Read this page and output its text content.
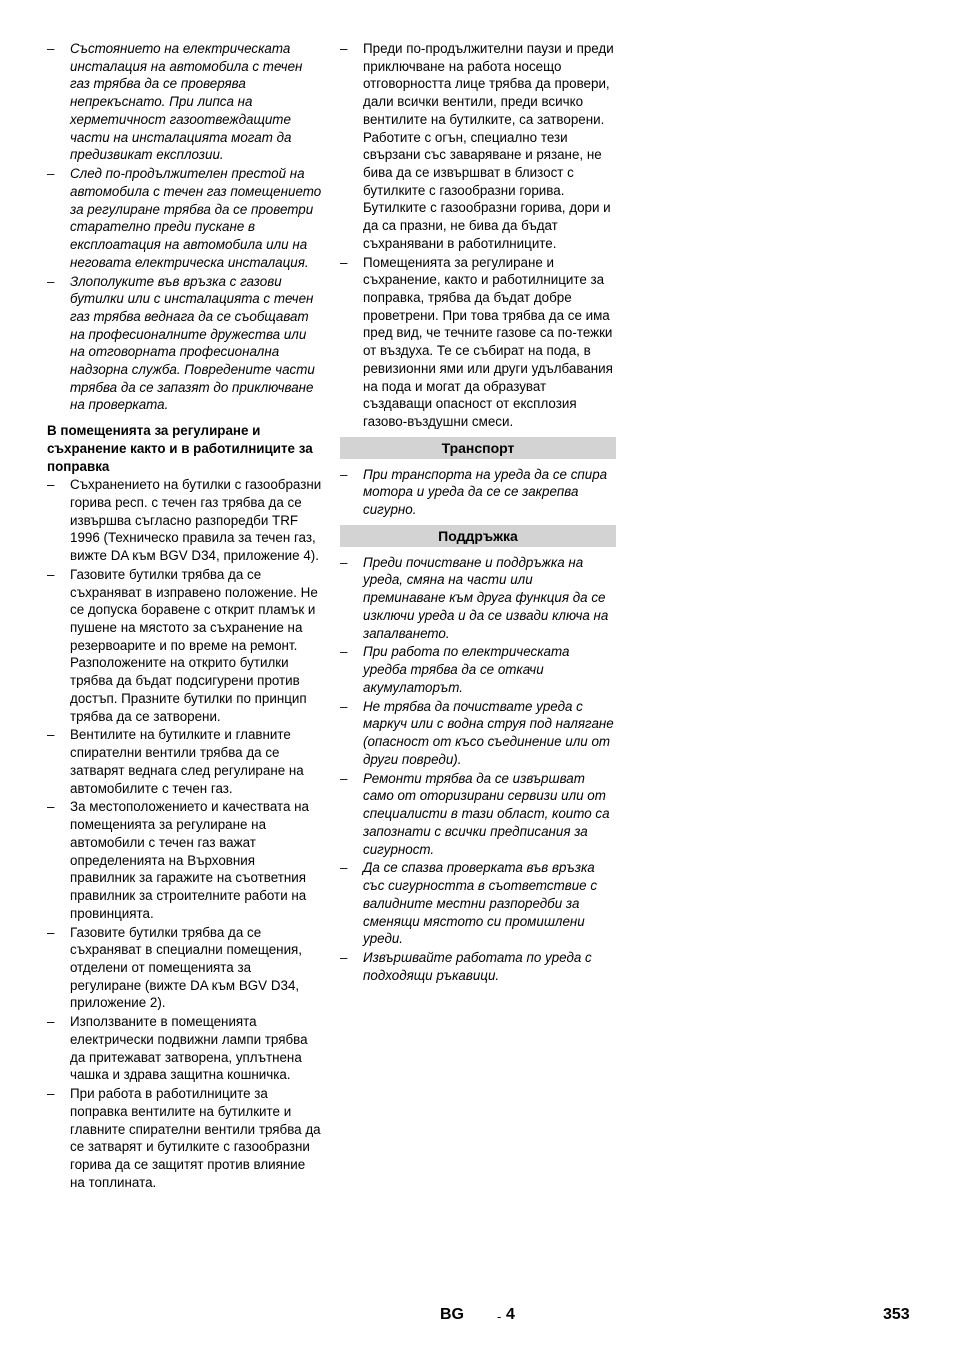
– Състоянието на електрическата инсталация на автомобила с течен газ трябва да се проверява непрекъснато. При липса на херметичност газоотвеждащите части на инсталацията могат да предизвикат експлозии.
– След по-продължителен престой на автомобила с течен газ помещението за регулиране трябва да се проветри старателно преди пускане в експлоатация на автомобила или на неговата електрическа инсталация.
– Злополуките във връзка с газови бутилки или с инсталацията с течен газ трябва веднага да се съобщават на професионалните дружества или на отговорната професионална надзорна служба. Повредените части трябва да се запазят до приключване на проверката.
В помещенията за регулиране и съхранение както и в работилниците за поправка
– Съхранението на бутилки с газообразни горива респ. с течен газ трябва да се извършва съгласно разпоредби TRF 1996 (Техническо правила за течен газ, вижте DA към BGV D34, приложение 4).
– Газовите бутилки трябва да се съхраняват в изправено положение. Не се допуска боравене с открит пламък и пушене на мястото за съхранение на резервоарите и по време на ремонт. Разположените на открито бутилки трябва да бъдат подсигурени против достъп. Празните бутилки по принцип трябва да се затворени.
– Вентилите на бутилките и главните спирателни вентили трябва да се затварят веднага след регулиране на автомобилите с течен газ.
– За местоположението и качествата на помещенията за регулиране на автомобили с течен газ важат определенията на Върховния правилник за гаражите на съответния правилник за строителните работи на провинцията.
– Газовите бутилки трябва да се съхраняват в специални помещения, отделени от помещенията за регулиране (вижте DA към BGV D34, приложение 2).
– Използваните в помещенията електрически подвижни лампи трябва да притежават затворена, уплътнена чашка и здрава защитна кошничка.
– При работа в работилниците за поправка вентилите на бутилките и главните спирателни вентили трябва да се затварят и бутилките с газообразни горива да се защитят против влияние на топлината.
– Преди по-продължителни паузи и преди приключване на работа носещо отговорността лице трябва да провери, дали всички вентили, преди всичко вентилите на бутилките, са затворени. Работите с огън, специално тези свързани със заваряване и рязане, не бива да се извършват в близост с бутилките с газообразни горива. Бутилките с газообразни горива, дори и да са празни, не бива да бъдат съхранявани в работилниците.
– Помещенията за регулиране и съхранение, както и работилниците за поправка, трябва да бъдат добре проветрени. При това трябва да се има пред вид, че течните газове са по-тежки от въздуха. Те се събират на пода, в ревизионни ями или други удълбавания на пода и могат да образуват създаващи опасност от експлозия газово-въздушни смеси.
Транспорт
– При транспорта на уреда да се спира мотора и уреда да се се закрепва сигурно.
Поддръжка
– Преди почистване и поддръжка на уреда, смяна на части или преминаване към друга функция да се изключи уреда и да се извади ключа на запалването.
– При работа по електрическата уредба трябва да се откачи акумулаторът.
– Не трябва да почиствате уреда с маркуч или с водна струя под налягане (опасност от късо съединение или от други повреди).
– Ремонти трябва да се извършват само от оторизирани сервизи или от специалисти в тази област, които са запознати с всички предписания за сигурност.
– Да се спазва проверката във връзка със сигурността в съответствие с валидните местни разпоредби за сменящи мястото си промишлени уреди.
– Извършвайте работата по уреда с подходящи ръкавици.
BG	- 4	353
